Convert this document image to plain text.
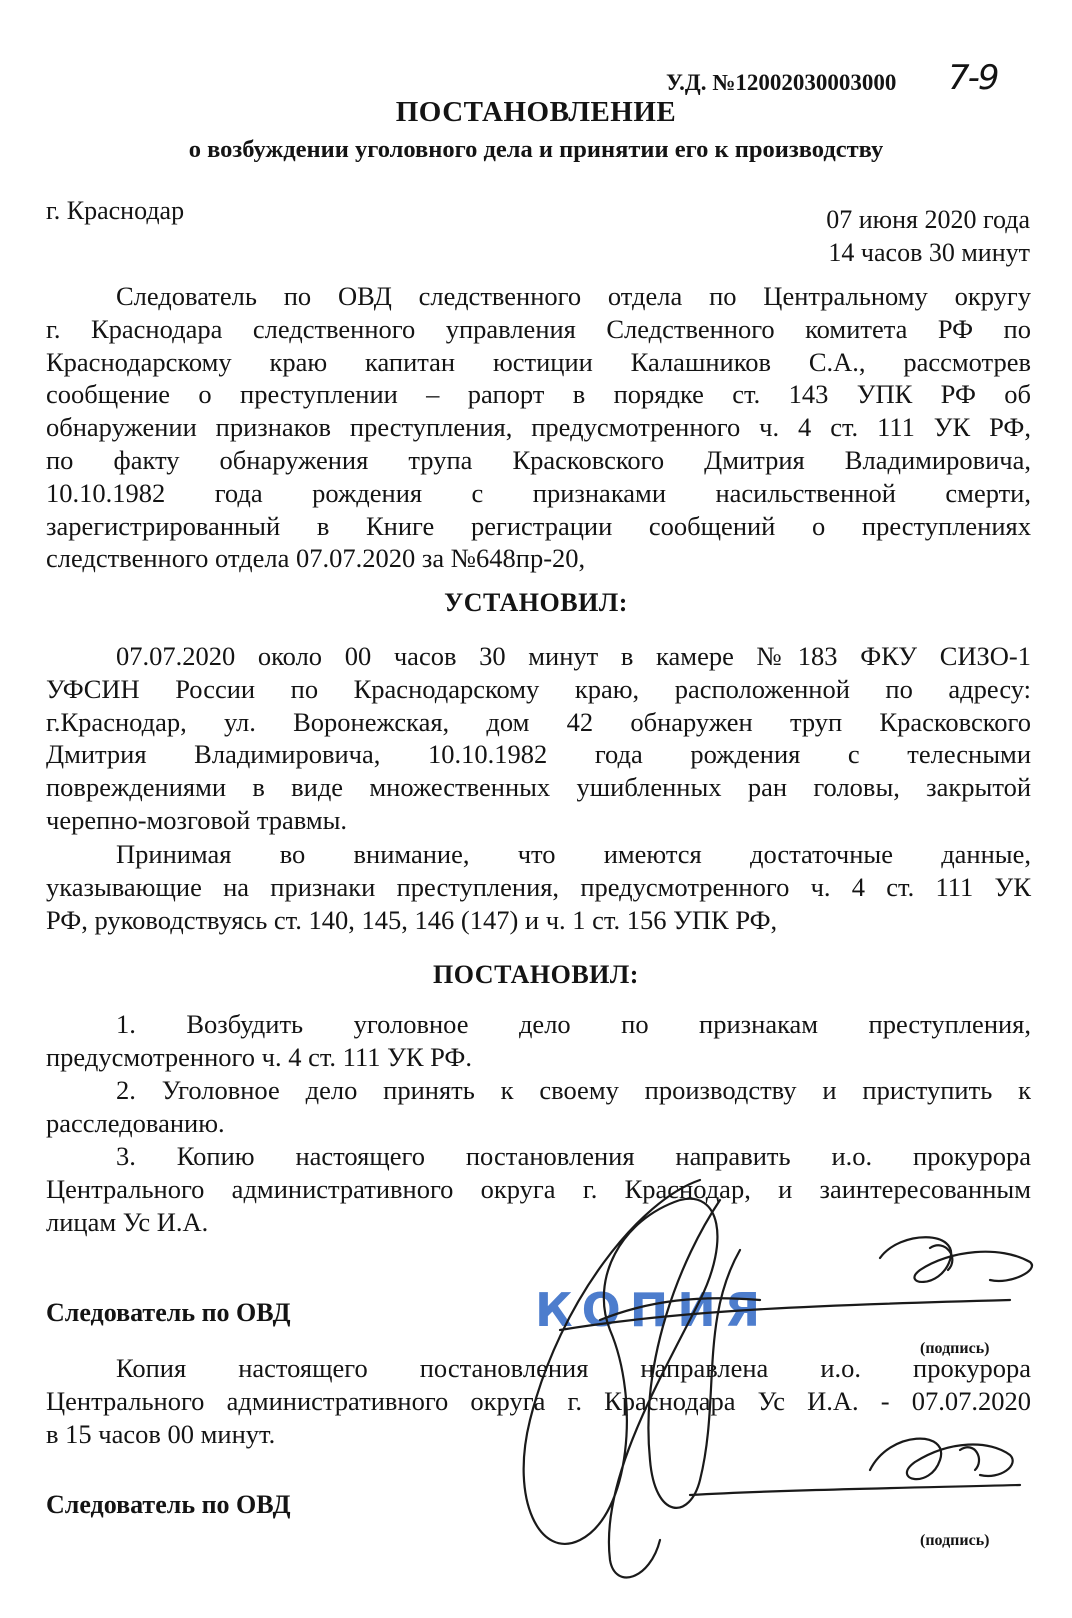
У.Д. №12002030003000 7-9
ПОСТАНОВЛЕНИЕ
о возбуждении уголовного дела и принятии его к производству
г. Краснодар	07 июня 2020 года
14 часов 30 минут
Следователь по ОВД следственного отдела по Центральному округу
г. Краснодара следственного управления Следственного комитета РФ по
Краснодарскому краю капитан юстиции Калашников С.А., рассмотрев
сообщение о преступлении – рапорт в порядке ст. 143 УПК РФ об
обнаружении признаков преступления, предусмотренного ч. 4 ст. 111 УК РФ,
по факту обнаружения трупа Красковского Дмитрия Владимировича,
10.10.1982 года рождения с признаками насильственной смерти,
зарегистрированный в Книге регистрации сообщений о преступлениях
следственного отдела 07.07.2020 за №648пр-20,
УСТАНОВИЛ:
07.07.2020 около 00 часов 30 минут в камере №183 ФКУ СИЗО-1
УФСИН России по Краснодарскому краю, расположенной по адресу:
г.Краснодар, ул. Воронежская, дом 42 обнаружен труп Красковского
Дмитрия Владимировича, 10.10.1982 года рождения с телесными
повреждениями в виде множественных ушибленных ран головы, закрытой
черепно-мозговой травмы.
Принимая во внимание, что имеются достаточные данные,
указывающие на признаки преступления, предусмотренного ч. 4 ст. 111 УК
РФ, руководствуясь ст. 140, 145, 146 (147) и ч. 1 ст. 156 УПК РФ,
ПОСТАНОВИЛ:
1. Возбудить уголовное дело по признакам преступления,
предусмотренного ч. 4 ст. 111 УК РФ.
2. Уголовное дело принять к своему производству и приступить к
расследованию.
3. Копию настоящего постановления направить и.о. прокурора
Центрального административного округа г. Краснодар, и заинтересованным
лицам Ус И.А.
Следователь по ОВД	КОПИЯ
(подпись)
Копия настоящего постановления направлена и.о. прокурора
Центрального административного округа г. Краснодара Ус И.А. - 07.07.2020
в 15 часов 00 минут.
Следователь по ОВД
(подпись)
